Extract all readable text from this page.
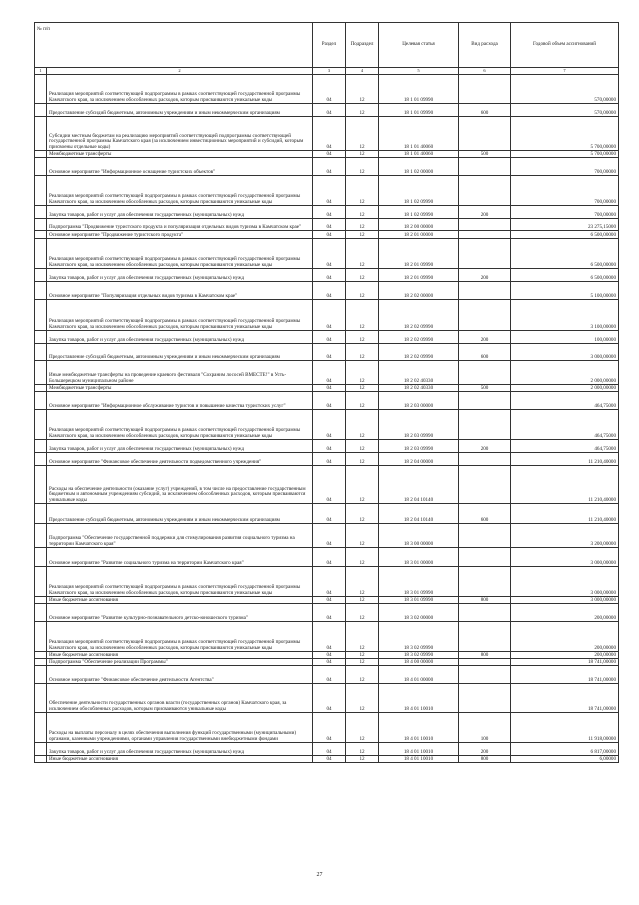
№ п/п		Раздел	Подраздел	Целевая статья	Вид расхода	Годовой объем ассигнований
1	2	3	4	5	6	7
	Реализация мероприятий соответствующей подпрограммы в рамках соответствующей государственной программы Камчатского края, за исключением обособленных расходов, которым присваиваются уникальные коды	04	12	18 1 01 09990		570,00000
	Предоставление субсидий бюджетным, автономным учреждениям и иным некоммерческим организациям	04	12	18 1 01 09990	600	570,00000
	Субсидии местным бюджетам на реализацию мероприятий соответствующей подпрограммы соответствующей государственной программы Камчатского края (за исключением инвестиционных мероприятий и субсидий, которым присвоены отдельные коды)	04	12	18 1 01 40060		5 700,00000
	Межбюджетные трансферты	04	12	18 1 01 40060	500	5 700,00000
	Основное мероприятие "Информационное оснащение туристских объектов"	04	12	18 1 02 00000		700,00000
	Реализация мероприятий соответствующей подпрограммы в рамках соответствующей государственной программы Камчатского края, за исключением обособленных расходов, которым присваиваются уникальные коды	04	12	18 1 02 09990		700,00000
	Закупка товаров, работ и услуг для обеспечения государственных (муниципальных) нужд	04	12	18 1 02 09990	200	700,00000
	Подпрограмма "Продвижение туристского продукта и популяризация отдельных видов туризма в Камчатском крае"	04	12	18 2 00 00000		23 275,15000
	Основное мероприятие "Продвижение туристского продукта"	04	12	18 2 01 00000		6 500,00000
	Реализация мероприятий соответствующей подпрограммы в рамках соответствующей государственной программы Камчатского края, за исключением обособленных расходов, которым присваиваются уникальные коды	04	12	18 2 01 09990		6 500,00000
	Закупка товаров, работ и услуг для обеспечения государственных (муниципальных) нужд	04	12	18 2 01 09990	200	6 500,00000
	Основное мероприятие "Популяризация отдельных видов туризма в Камчатском крае"	04	12	18 2 02 00000		5 100,00000
	Реализация мероприятий соответствующей подпрограммы в рамках соответствующей государственной программы Камчатского края, за исключением обособленных расходов, которым присваиваются уникальные коды	04	12	18 2 02 09990		3 100,00000
	Закупка товаров, работ и услуг для обеспечения государственных (муниципальных) нужд	04	12	18 2 02 09990	200	100,00000
	Предоставление субсидий бюджетным, автономным учреждениям и иным некоммерческим организациям	04	12	18 2 02 09990	600	3 000,00000
	Иные межбюджетные трансферты на проведение краевого фестиваля "Сохраним лососей ВМЕСТЕ!" в Усть-Большерецком муниципальном районе	04	12	18 2 02 40330		2 000,00000
	Межбюджетные трансферты	04	12	18 2 02 40330	500	2 000,00000
	Основное мероприятие "Информационное обслуживание туристов и повышение качества туристских услуг"	04	12	18 2 03 00000		464,75000
	Реализация мероприятий соответствующей подпрограммы в рамках соответствующей государственной программы Камчатского края, за исключением обособленных расходов, которым присваиваются уникальные коды	04	12	18 2 03 09990		464,75000
	Закупка товаров, работ и услуг для обеспечения государственных (муниципальных) нужд	04	12	18 2 03 09990	200	464,75000
	Основное мероприятие "Финансовое обеспечение деятельности подведомственного учреждения"	04	12	18 2 04 00000		11 210,40000
	Расходы на обеспечение деятельности (оказание услуг) учреждений, в том числе на предоставление государственным бюджетным и автономным учреждениям субсидий, за исключением обособленных расходов, которым присваиваются уникальные коды	04	12	18 2 04 10140		11 210,40000
	Предоставление субсидий бюджетным, автономным учреждениям и иным некоммерческим организациям	04	12	18 2 04 10140	600	11 210,40000
	Подпрограмма "Обеспечение государственной поддержки для стимулирования развития социального туризма на территории Камчатского края"	04	12	18 3 00 00000		3 200,00000
	Основное мероприятие "Развитие социального туризма на территории Камчатского края"	04	12	18 3 01 00000		3 000,00000
	Реализация мероприятий соответствующей подпрограммы в рамках соответствующей государственной программы Камчатского края, за исключением обособленных расходов, которым присваиваются уникальные коды	04	12	18 3 01 09990		3 000,00000
	Иные бюджетные ассигнования	04	12	18 3 01 09990	800	3 000,00000
	Основное мероприятие "Развитие культурно-познавательного детско-юношеского туризма"	04	12	18 3 02 00000		200,00000
	Реализация мероприятий соответствующей подпрограммы в рамках соответствующей государственной программы Камчатского края, за исключением обособленных расходов, которым присваиваются уникальные коды	04	12	18 3 02 09990		200,00000
	Иные бюджетные ассигнования	04	12	18 3 02 09990	800	200,00000
	Подпрограмма "Обеспечение реализации Программы"	04	12	18 4 00 00000		18 741,00000
	Основное мероприятие "Финансовое обеспечение деятельности Агентства"	04	12	18 4 01 00000		18 741,00000
	Обеспечение деятельности государственных органов власти (государственных органов) Камчатского края, за исключением обособленных расходов, которым присваиваются уникальные коды	04	12	18 4 01 10010		18 741,00000
	Расходы на выплаты персоналу в целях обеспечения выполнения функций государственными (муниципальными) органами, казенными учреждениями, органами управления государственными внебюджетными фондами	04	12	18 4 01 10010	100	11 918,00000
	Закупка товаров, работ и услуг для обеспечения государственных (муниципальных) нужд	04	12	18 4 01 10010	200	6 817,00000
	Иные бюджетные ассигнования	04	12	18 4 01 10010	800	6,00000
27
